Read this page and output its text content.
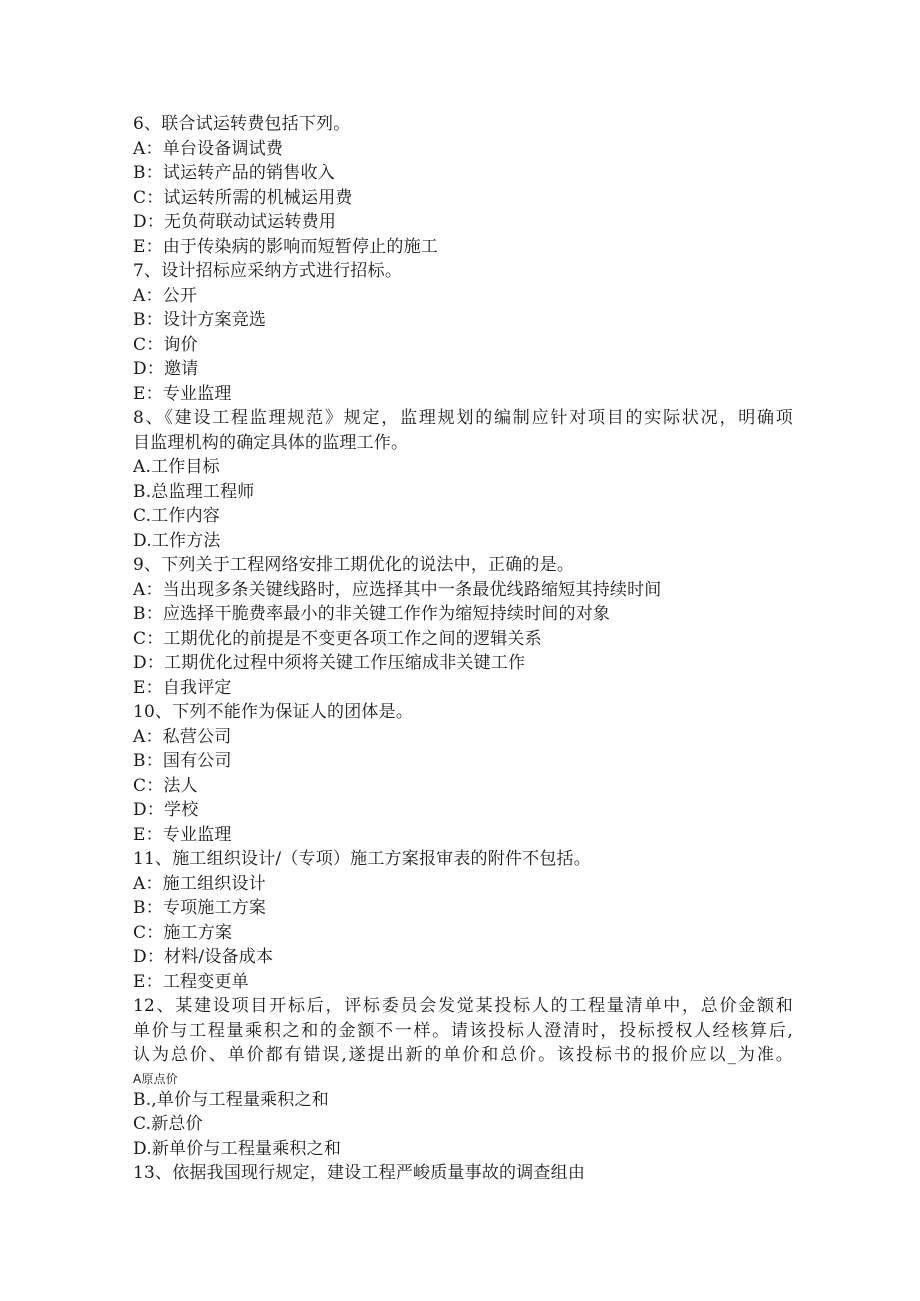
6、联合试运转费包括下列。
A：单台设备调试费
B：试运转产品的销售收入
C：试运转所需的机械运用费
D：无负荷联动试运转费用
E：由于传染病的影响而短暂停止的施工
7、设计招标应采纳方式进行招标。
A：公开
B：设计方案竞选
C：询价
D：邀请
E：专业监理
8、《建设工程监理规范》规定，监理规划的编制应针对项目的实际状况，明确项
目监理机构的确定具体的监理工作。
A.工作目标
B.总监理工程师
C.工作内容
D.工作方法
9、下列关于工程网络安排工期优化的说法中，正确的是。
A：当出现多条关键线路时，应选择其中一条最优线路缩短其持续时间
B：应选择干脆费率最小的非关键工作作为缩短持续时间的对象
C：工期优化的前提是不变更各项工作之间的逻辑关系
D：工期优化过程中须将关键工作压缩成非关键工作
E：自我评定
10、下列不能作为保证人的团体是。
A：私营公司
B：国有公司
C：法人
D：学校
E：专业监理
11、施工组织设计/（专项）施工方案报审表的附件不包括。
A：施工组织设计
B：专项施工方案
C：施工方案
D：材料/设备成本
E：工程变更单
12、某建设项目开标后，评标委员会发觉某投标人的工程量清单中，总价金额和
单价与工程量乘积之和的金额不一样。请该投标人澄清时，投标授权人经核算后,
认为总价、单价都有错误,遂提出新的单价和总价。该投标书的报价应以_为准。
A原点价
B.,单价与工程量乘积之和
C.新总价
D.新单价与工程量乘积之和
13、依据我国现行规定，建设工程严峻质量事故的调查组由
